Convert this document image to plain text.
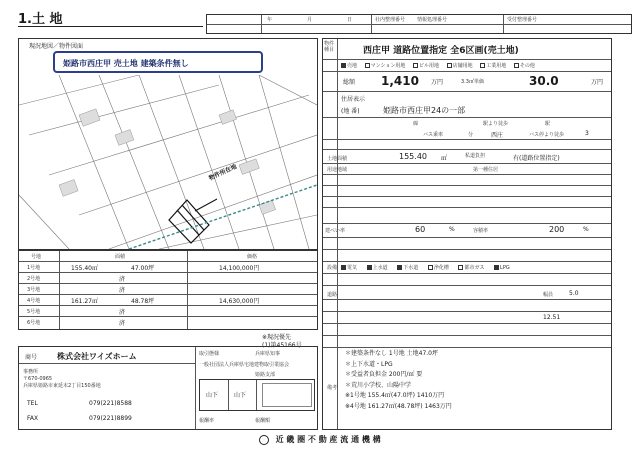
1.土 地	年	月	日	社内整理番号	受付整理番号
情報処理番号
現況地図／物件図面
姫路市西庄甲 売土地 建築条件無し
物件所在地
号地	面積	価格
1号地	155.40㎡	47.00坪	14,100,000円
2号地	済
3号地	済
4号地	161.27㎡	48.78坪	14,630,000円
5号地	済
6号地	済
※現況優先
(1)第45166号
商号 株式会社ワイズホーム
事務所
〒670-0965
兵庫県姫路市東延末2丁目150番地
TEL	079(221)8588
FAX	079(221)8899
取引態様	兵庫県知事
一般社団法人兵庫県宅地建物取引業協会
姫路支部
山下	山下
報酬率	報酬額
西庄甲 道路位置指定 全6区画(売土地)
物件種目
売地	マンション用地	ビル用地	店舗用地	工業用地	その他
総額 1,410 万円	3.3㎡単価	30.0	万円
住居表示
(地 番)	姫路市西庄甲24の一部
線	駅より徒歩	駅
バス乗車	分	西庄	バス停より徒歩	3
土地面積	155.40 ㎡	私道負担	有(道路位置指定)
用途地域	第一種住居
建ぺい率	60	%	容積率	200	%
設備	電気	上水道	下水道	浄化槽	都市ガス	LPG
道路	幅員	5.0
12.51
備考
＊建築条件なし 1号地 土地47.0坪
＊上下水道・LPG
＊受益者負担金 200円/㎡ 要
＊荒川小学校、山陽中学
※1号地 155.4㎡(47.0坪) 1410万円
※4号地 161.27㎡(48.78坪) 1463万円
近 畿 圏 不 動 産 流 通 機 構
